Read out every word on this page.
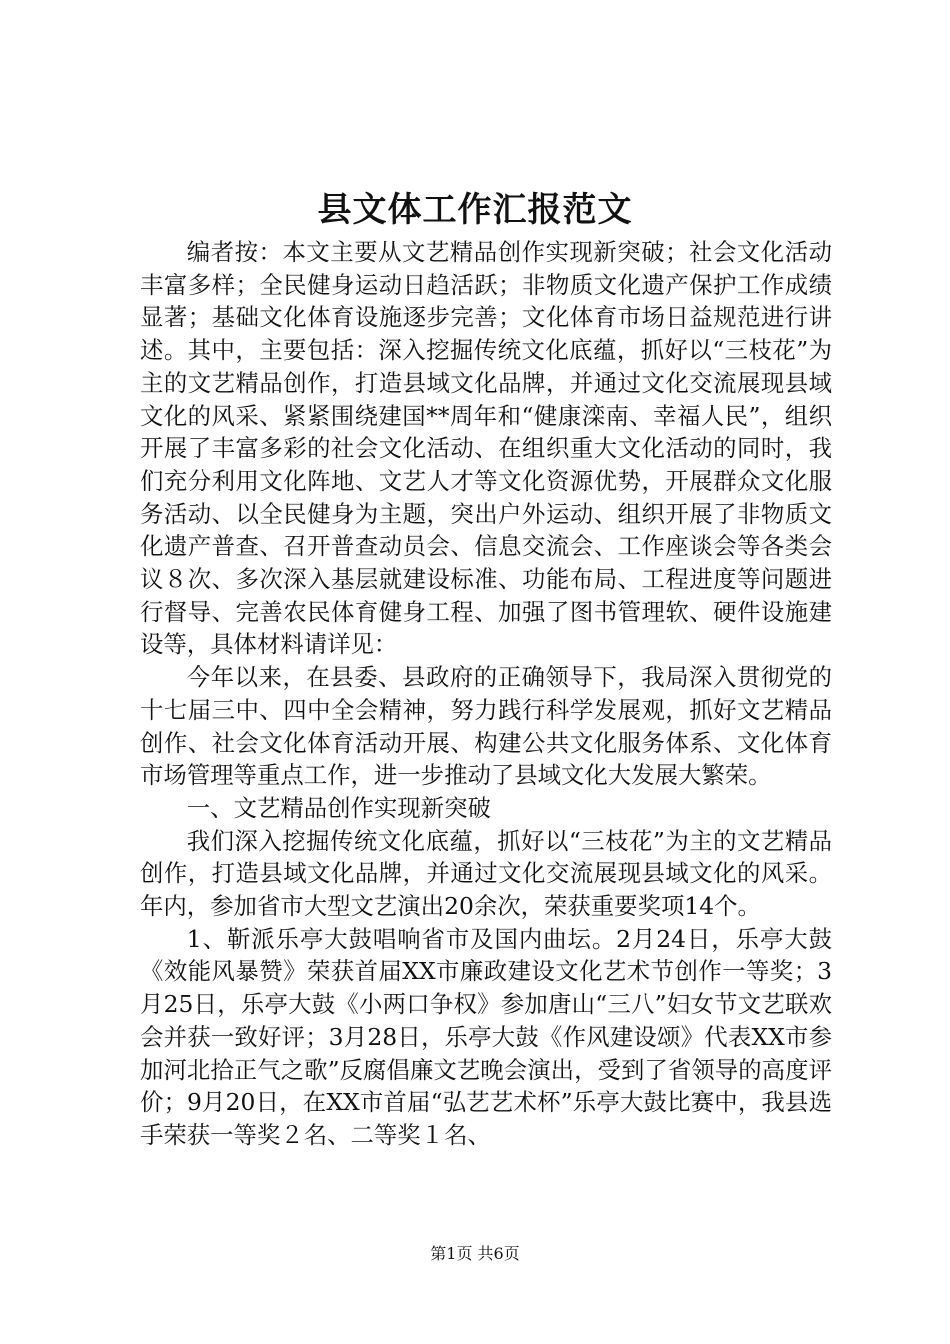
县文体工作汇报范文

编者按：本文主要从文艺精品创作实现新突破；社会文化活动丰富多样；全民健身运动日趋活跃；非物质文化遗产保护工作成绩显著；基础文化体育设施逐步完善；文化体育市场日益规范进行讲述。其中，主要包括：深入挖掘传统文化底蕴，抓好以“三枝花”为主的文艺精品创作，打造县域文化品牌，并通过文化交流展现县域文化的风采、紧紧围绕建国**周年和“健康滦南、幸福人民”，组织开展了丰富多彩的社会文化活动、在组织重大文化活动的同时，我们充分利用文化阵地、文艺人才等文化资源优势，开展群众文化服务活动、以全民健身为主题，突出户外运动、组织开展了非物质文化遗产普查、召开普查动员会、信息交流会、工作座谈会等各类会议８次、多次深入基层就建设标准、功能布局、工程进度等问题进行督导、完善农民体育健身工程、加强了图书管理软、硬件设施建设等，具体材料请详见：

今年以来，在县委、县政府的正确领导下，我局深入贯彻党的十七届三中、四中全会精神，努力践行科学发展观，抓好文艺精品创作、社会文化体育活动开展、构建公共文化服务体系、文化体育市场管理等重点工作，进一步推动了县域文化大发展大繁荣。

一、文艺精品创作实现新突破

我们深入挖掘传统文化底蕴，抓好以“三枝花”为主的文艺精品创作，打造县域文化品牌，并通过文化交流展现县域文化的风采。年内，参加省市大型文艺演出20余次，荣获重要奖项14个。

1、靳派乐亭大鼓唱响省市及国内曲坛。2月24日，乐亭大鼓《效能风暴赞》荣获首届XX市廉政建设文化艺术节创作一等奖；3月25日，乐亭大鼓《小两口争权》参加唐山“三八”妇女节文艺联欢会并获一致好评；3月28日，乐亭大鼓《作风建设颂》代表XX市参加河北拾正气之歌”反腐倡廉文艺晚会演出，受到了省领导的高度评价；9月20日，在XX市首届“弘艺艺术杯”乐亭大鼓比赛中，我县选手荣获一等奖２名、二等奖１名、

第1页 共6页
